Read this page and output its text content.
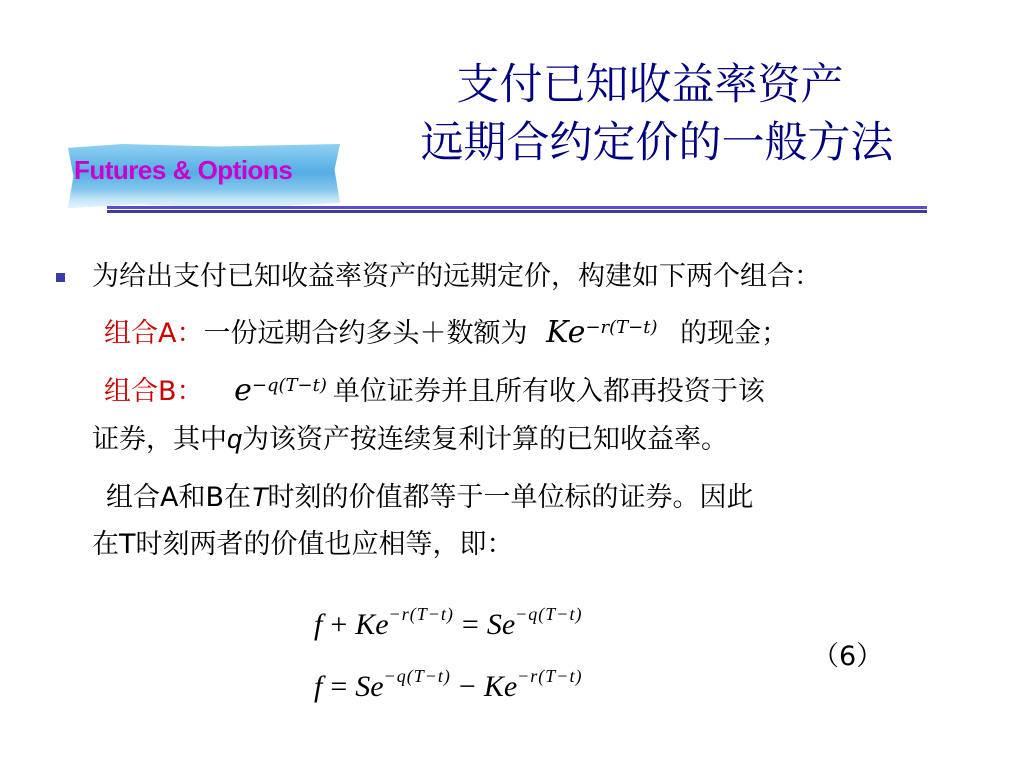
Futures & Options
支付已知收益率资产
远期合约定价的一般方法
为给出支付已知收益率资产的远期定价，构建如下两个组合：
组合A：一份远期合约多头＋数额为 $Ke^{-r(T-t)}$ 的现金；
组合B： $e^{-q(T-t)}$ 单位证券并且所有收入都再投资于该
证券，其中q为该资产按连续复利计算的已知收益率。
组合A和B在T时刻的价值都等于一单位标的证券。因此
在T时刻两者的价值也应相等，即：
$f + Ke^{-r(T-t)} = Se^{-q(T-t)}$
$f = Se^{-q(T-t)} - Ke^{-r(T-t)}$
（6）
